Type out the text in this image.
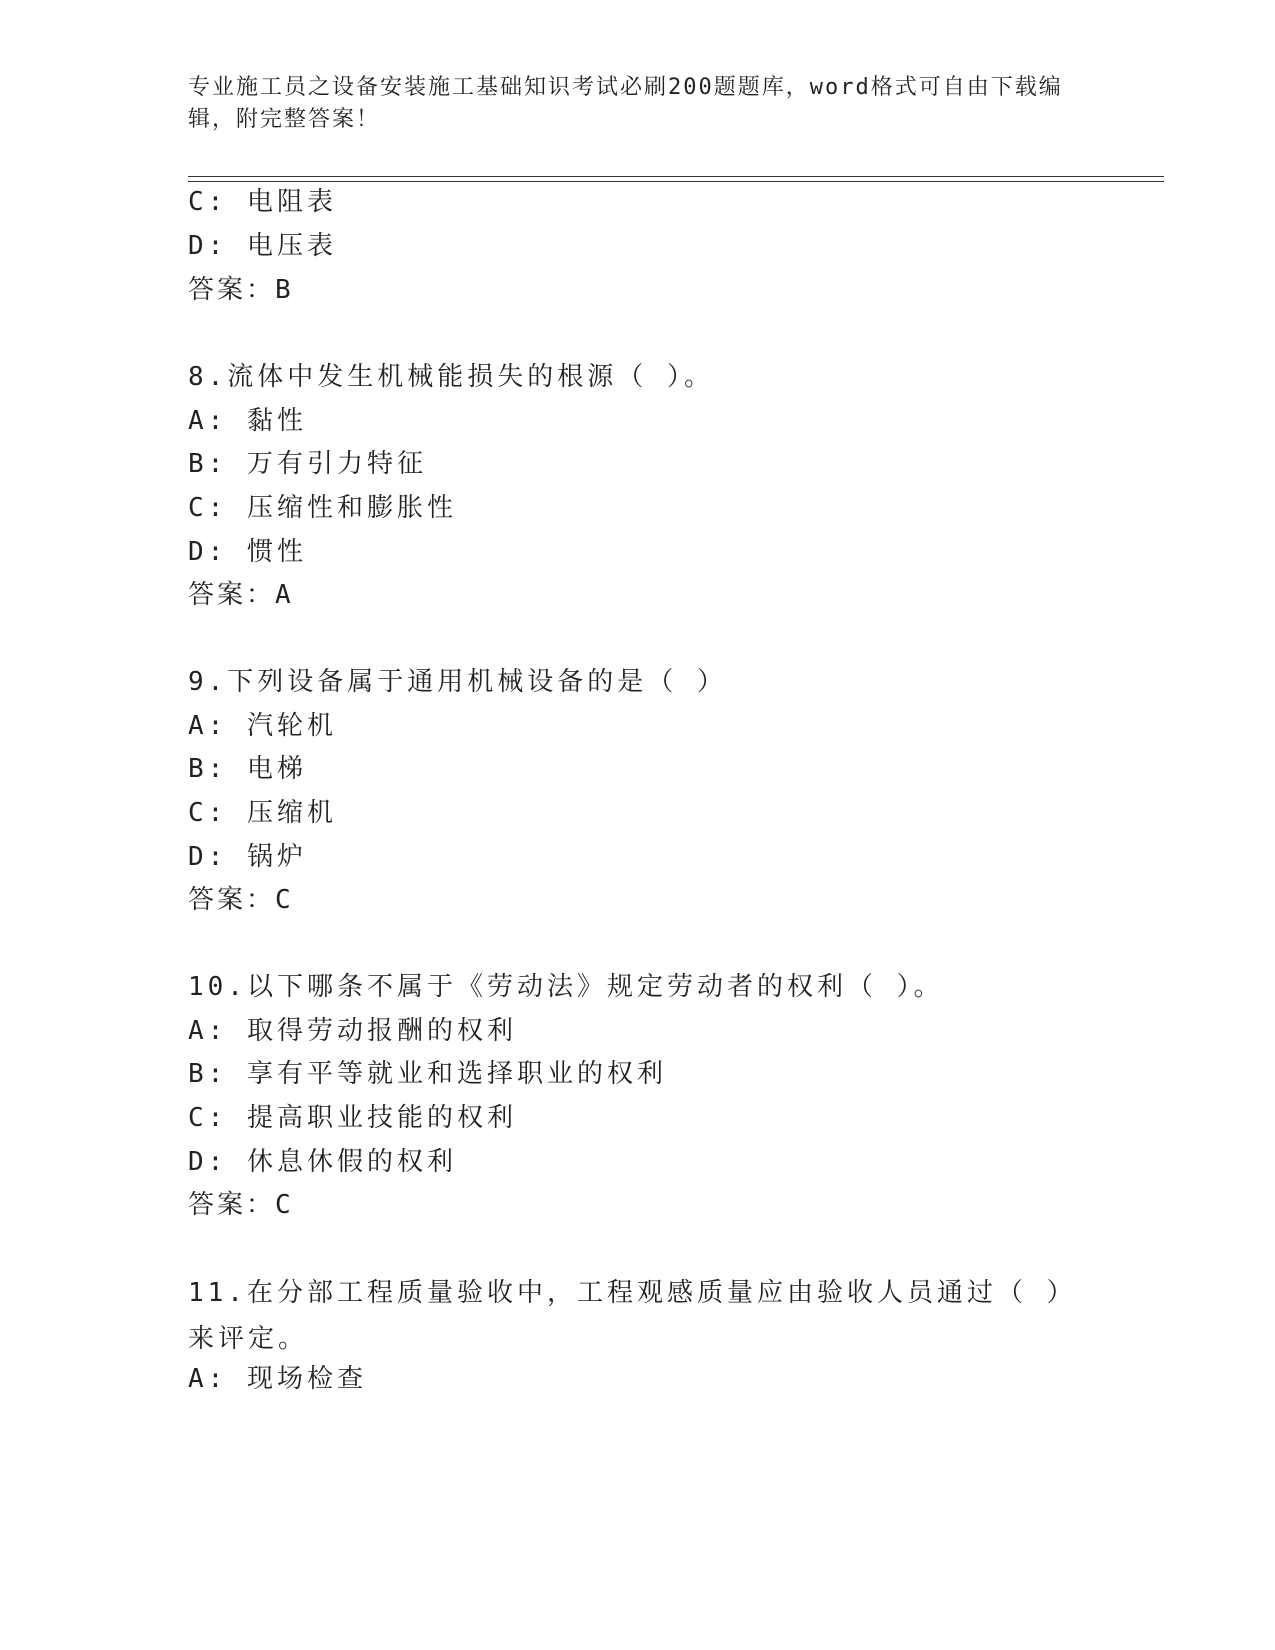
专业施工员之设备安装施工基础知识考试必刷200题题库，word格式可自由下载编辑，附完整答案！

C: 电阻表
D: 电压表
答案：B
8.流体中发生机械能损失的根源（ ）。
A: 黏性
B: 万有引力特征
C: 压缩性和膨胀性
D: 惯性
答案：A
9.下列设备属于通用机械设备的是（ ）
A: 汽轮机
B: 电梯
C: 压缩机
D: 锅炉
答案：C
10.以下哪条不属于《劳动法》规定劳动者的权利（ ）。
A: 取得劳动报酬的权利
B: 享有平等就业和选择职业的权利
C: 提高职业技能的权利
D: 休息休假的权利
答案：C
11.在分部工程质量验收中，工程观感质量应由验收人员通过（ ）来评定。
A: 现场检查
